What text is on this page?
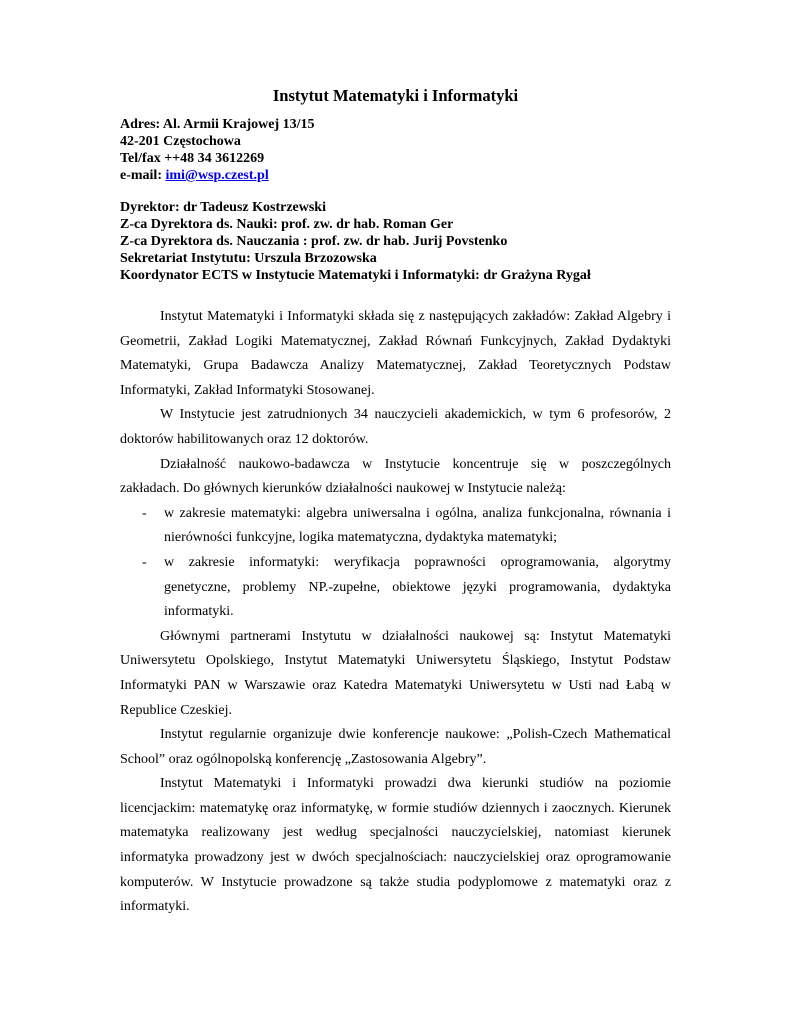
Instytut Matematyki i Informatyki
Adres: Al. Armii Krajowej 13/15
42-201 Częstochowa
Tel/fax ++48 34 3612269
e-mail: imi@wsp.czest.pl
Dyrektor: dr Tadeusz Kostrzewski
Z-ca Dyrektora ds. Nauki: prof. zw. dr hab. Roman Ger
Z-ca Dyrektora ds. Nauczania : prof. zw. dr hab. Jurij Povstenko
Sekretariat Instytutu: Urszula Brzozowska
Koordynator ECTS w Instytucie Matematyki i Informatyki: dr Grażyna Rygał

Instytut Matematyki i Informatyki składa się z następujących zakładów: Zakład Algebry i Geometrii, Zakład Logiki Matematycznej, Zakład Równań Funkcyjnych, Zakład Dydaktyki Matematyki, Grupa Badawcza Analizy Matematycznej, Zakład Teoretycznych Podstaw Informatyki, Zakład Informatyki Stosowanej.

W Instytucie jest zatrudnionych 34 nauczycieli akademickich, w tym 6 profesorów, 2 doktorów habilitowanych oraz 12 doktorów.

Działalność naukowo-badawcza w Instytucie koncentruje się w poszczególnych zakładach. Do głównych kierunków działalności naukowej w Instytucie należą:

- w zakresie matematyki: algebra uniwersalna i ogólna, analiza funkcjonalna, równania i nierówności funkcyjne, logika matematyczna, dydaktyka matematyki;
- w zakresie informatyki: weryfikacja poprawności oprogramowania, algorytmy genetyczne, problemy NP.-zupełne, obiektowe języki programowania, dydaktyka informatyki.

Głównymi partnerami Instytutu w działalności naukowej są: Instytut Matematyki Uniwersytetu Opolskiego, Instytut Matematyki Uniwersytetu Śląskiego, Instytut Podstaw Informatyki PAN w Warszawie oraz Katedra Matematyki Uniwersytetu w Usti nad Łabą w Republice Czeskiej.

Instytut regularnie organizuje dwie konferencje naukowe: „Polish-Czech Mathematical School” oraz ogólnopolską konferencję „Zastosowania Algebry”.

Instytut Matematyki i Informatyki prowadzi dwa kierunki studiów na poziomie licencjackim: matematykę oraz informatykę, w formie studiów dziennych i zaocznych. Kierunek matematyka realizowany jest według specjalności nauczycielskiej, natomiast kierunek informatyka prowadzony jest w dwóch specjalnościach: nauczycielskiej oraz oprogramowanie komputerów. W Instytucie prowadzone są także studia podyplomowe z matematyki oraz z informatyki.
